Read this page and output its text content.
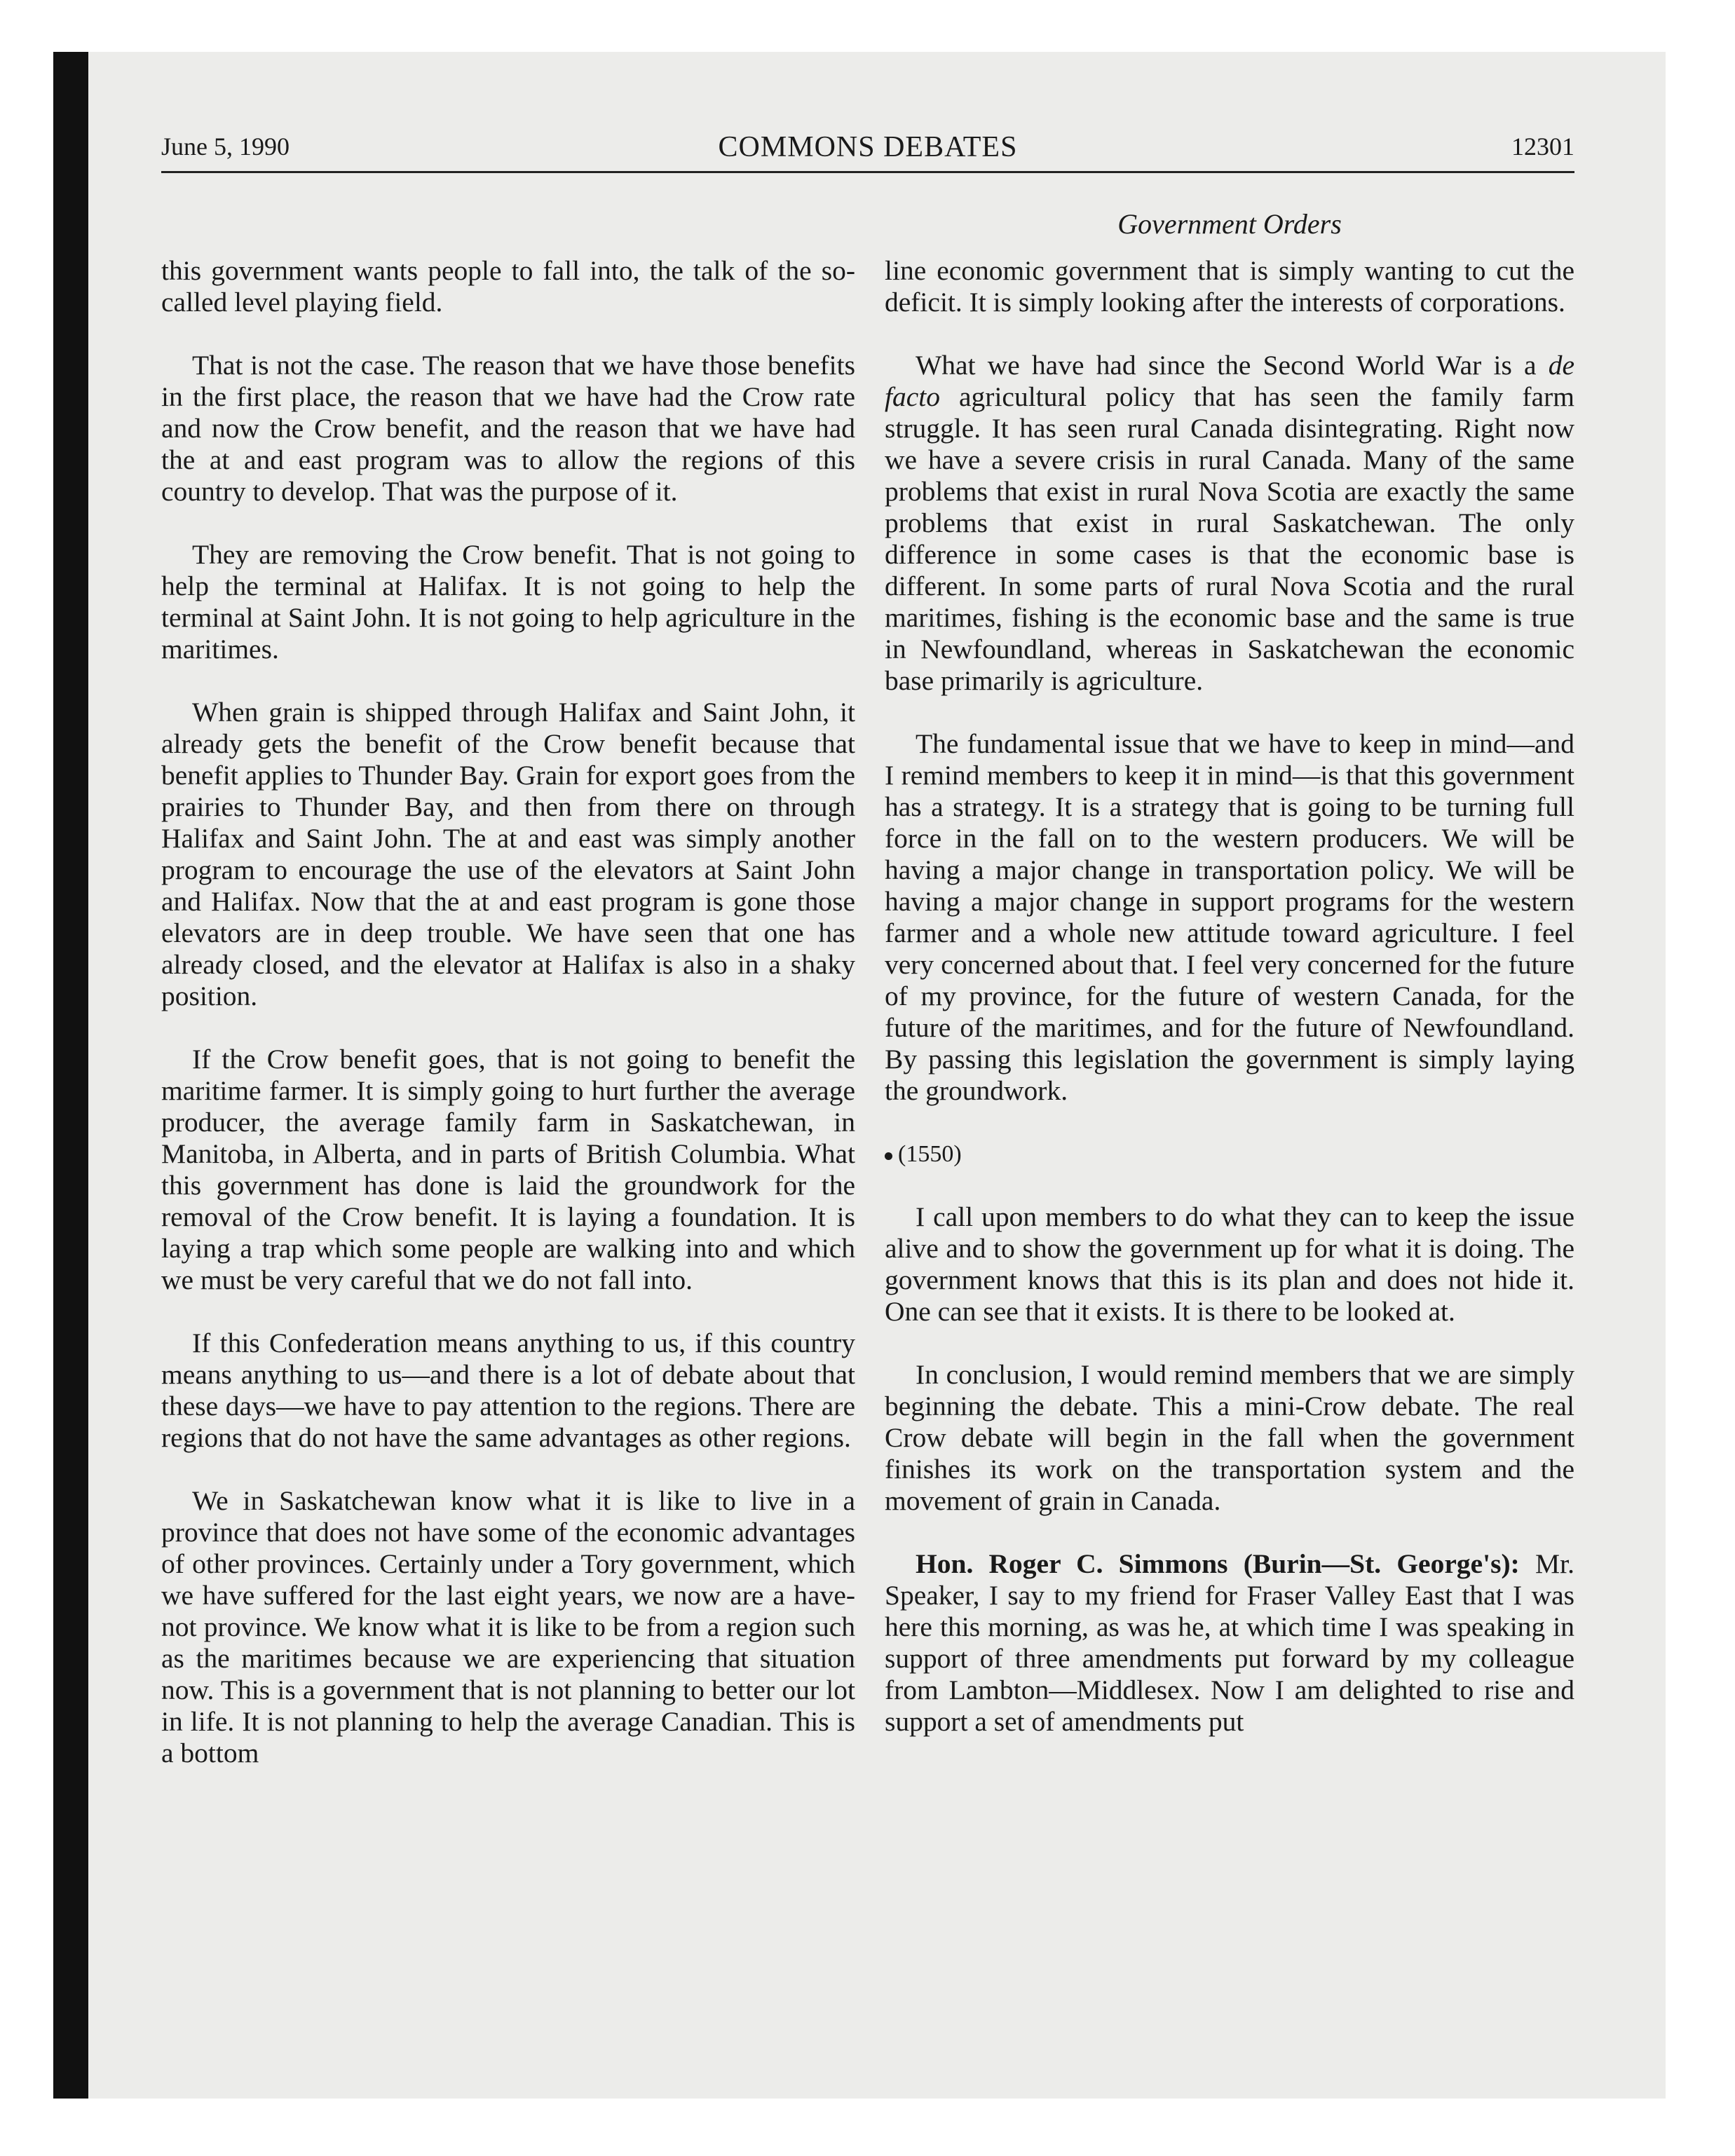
June 5, 1990	COMMONS DEBATES	12301
Government Orders

this government wants people to fall into, the talk of the so-called level playing field.

That is not the case. The reason that we have those benefits in the first place, the reason that we have had the Crow rate and now the Crow benefit, and the reason that we have had the at and east program was to allow the regions of this country to develop. That was the purpose of it.

They are removing the Crow benefit. That is not going to help the terminal at Halifax. It is not going to help the terminal at Saint John. It is not going to help agriculture in the maritimes.

When grain is shipped through Halifax and Saint John, it already gets the benefit of the Crow benefit because that benefit applies to Thunder Bay. Grain for export goes from the prairies to Thunder Bay, and then from there on through Halifax and Saint John. The at and east was simply another program to encourage the use of the elevators at Saint John and Halifax. Now that the at and east program is gone those elevators are in deep trouble. We have seen that one has already closed, and the elevator at Halifax is also in a shaky position.

If the Crow benefit goes, that is not going to benefit the maritime farmer. It is simply going to hurt further the average producer, the average family farm in Saskatchewan, in Manitoba, in Alberta, and in parts of British Columbia. What this government has done is laid the groundwork for the removal of the Crow benefit. It is laying a foundation. It is laying a trap which some people are walking into and which we must be very careful that we do not fall into.

If this Confederation means anything to us, if this country means anything to us—and there is a lot of debate about that these days—we have to pay attention to the regions. There are regions that do not have the same advantages as other regions.

We in Saskatchewan know what it is like to live in a province that does not have some of the economic advantages of other provinces. Certainly under a Tory government, which we have suffered for the last eight years, we now are a have-not province. We know what it is like to be from a region such as the maritimes because we are experiencing that situation now. This is a government that is not planning to better our lot in life. It is not planning to help the average Canadian. This is a bottom

line economic government that is simply wanting to cut the deficit. It is simply looking after the interests of corporations.

What we have had since the Second World War is a de facto agricultural policy that has seen the family farm struggle. It has seen rural Canada disintegrating. Right now we have a severe crisis in rural Canada. Many of the same problems that exist in rural Nova Scotia are exactly the same problems that exist in rural Saskatchewan. The only difference in some cases is that the economic base is different. In some parts of rural Nova Scotia and the rural maritimes, fishing is the economic base and the same is true in Newfoundland, whereas in Saskatchewan the economic base primarily is agriculture.

The fundamental issue that we have to keep in mind—and I remind members to keep it in mind—is that this government has a strategy. It is a strategy that is going to be turning full force in the fall on to the western producers. We will be having a major change in transportation policy. We will be having a major change in support programs for the western farmer and a whole new attitude toward agriculture. I feel very concerned about that. I feel very concerned for the future of my province, for the future of western Canada, for the future of the maritimes, and for the future of Newfoundland. By passing this legislation the government is simply laying the groundwork.

(1550)

I call upon members to do what they can to keep the issue alive and to show the government up for what it is doing. The government knows that this is its plan and does not hide it. One can see that it exists. It is there to be looked at.

In conclusion, I would remind members that we are simply beginning the debate. This a mini-Crow debate. The real Crow debate will begin in the fall when the government finishes its work on the transportation system and the movement of grain in Canada.

Hon. Roger C. Simmons (Burin—St. George's): Mr. Speaker, I say to my friend for Fraser Valley East that I was here this morning, as was he, at which time I was speaking in support of three amendments put forward by my colleague from Lambton—Middlesex. Now I am delighted to rise and support a set of amendments put
